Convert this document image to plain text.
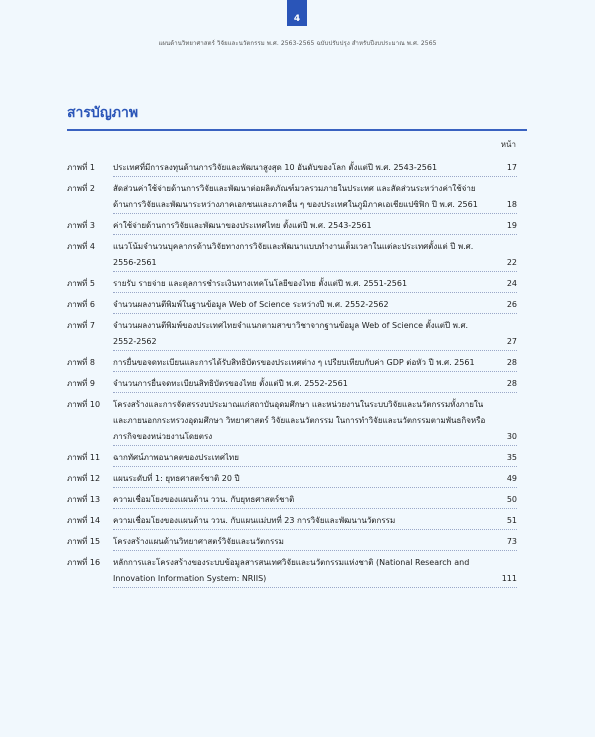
4
แผนด้านวิทยาศาสตร์ วิจัยและนวัตกรรม พ.ศ. 2563-2565 ฉบับปรับปรุง สำหรับปีงบประมาณ พ.ศ. 2565
สารบัญภาพ
หน้า
ภาพที่ 1	ประเทศที่มีการลงทุนด้านการวิจัยและพัฒนาสูงสุด 10 อันดับของโลก ตั้งแต่ปี พ.ศ. 2543-2561	17
ภาพที่ 2	สัดส่วนค่าใช้จ่ายด้านการวิจัยและพัฒนาต่อผลิตภัณฑ์มวลรวมภายในประเทศ และสัดส่วนระหว่างค่าใช้จ่ายด้านการวิจัยและพัฒนาระหว่างภาคเอกชนและภาคอื่น ๆ ของประเทศในภูมิภาคเอเชียแปซิฟิก ปี พ.ศ. 2561	18
ภาพที่ 3	ค่าใช้จ่ายด้านการวิจัยและพัฒนาของประเทศไทย ตั้งแต่ปี พ.ศ. 2543-2561	19
ภาพที่ 4	แนวโน้มจำนวนบุคลากรด้านวิจัยทางการวิจัยและพัฒนาแบบทำงานเต็มเวลาในแต่ละประเทศตั้งแต่ ปี พ.ศ. 2556-2561	22
ภาพที่ 5	รายรับ รายจ่าย และดุลการชำระเงินทางเทคโนโลยีของไทย ตั้งแต่ปี พ.ศ. 2551-2561	24
ภาพที่ 6	จำนวนผลงานตีพิมพ์ในฐานข้อมูล Web of Science ระหว่างปี พ.ศ. 2552-2562	26
ภาพที่ 7	จำนวนผลงานตีพิมพ์ของประเทศไทยจำแนกตามสาขาวิชาจากฐานข้อมูล Web of Science ตั้งแต่ปี พ.ศ. 2552-2562	27
ภาพที่ 8	การยื่นขอจดทะเบียนและการได้รับสิทธิบัตรของประเทศต่าง ๆ เปรียบเทียบกับค่า GDP ต่อหัว ปี พ.ศ. 2561	28
ภาพที่ 9	จำนวนการยื่นจดทะเบียนสิทธิบัตรของไทย ตั้งแต่ปี พ.ศ. 2552-2561	28
ภาพที่ 10	โครงสร้างและการจัดสรรงบประมาณแก่สถาบันอุดมศึกษา และหน่วยงานในระบบวิจัยและนวัตกรรมทั้งภายในและภายนอกกระทรวงอุดมศึกษา วิทยาศาสตร์ วิจัยและนวัตกรรม ในการทำวิจัยและนวัตกรรมตามพันธกิจหรือภารกิจของหน่วยงานโดยตรง	30
ภาพที่ 11	ฉากทัศน์ภาพอนาคตของประเทศไทย	35
ภาพที่ 12	แผนระดับที่ 1: ยุทธศาสตร์ชาติ 20 ปี	49
ภาพที่ 13	ความเชื่อมโยงของแผนด้าน ววน. กับยุทธศาสตร์ชาติ	50
ภาพที่ 14	ความเชื่อมโยงของแผนด้าน ววน. กับแผนแม่บทที่ 23 การวิจัยและพัฒนานวัตกรรม	51
ภาพที่ 15	โครงสร้างแผนด้านวิทยาศาสตร์วิจัยและนวัตกรรม	73
ภาพที่ 16	หลักการและโครงสร้างของระบบข้อมูลสารสนเทศวิจัยและนวัตกรรมแห่งชาติ (National Research and Innovation Information System: NRIIS)	111
